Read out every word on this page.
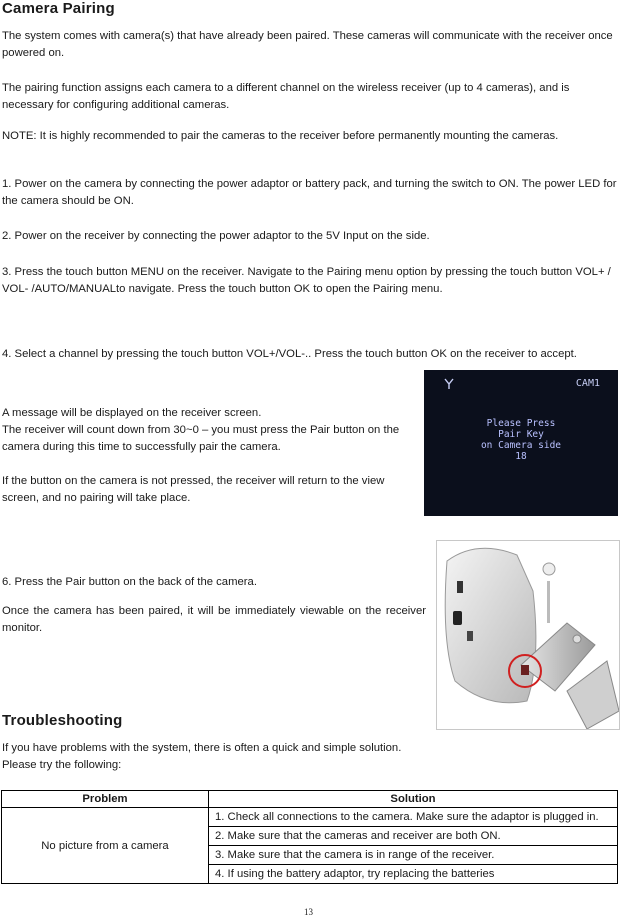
Camera Pairing

The system comes with camera(s) that have already been paired. These cameras will communicate with the receiver once powered on.

The pairing function assigns each camera to a different channel on the wireless receiver (up to 4 cameras), and is necessary for configuring additional cameras.

NOTE: It is highly recommended to pair the cameras to the receiver before permanently mounting the cameras.

1. Power on the camera by connecting the power adaptor or battery pack, and turning the switch to ON. The power LED for the camera should be ON.

2. Power on the receiver by connecting the power adaptor to the 5V Input on the side.

3. Press the touch button MENU on the receiver. Navigate to the Pairing menu option by pressing the touch button VOL+ / VOL- /AUTO/MANUALto navigate. Press the touch button OK to open the Pairing menu.

4. Select a channel by pressing the touch button VOL+/VOL-.. Press the touch button OK on the receiver to accept.

CAM1
Please Press
Pair Key
on Camera side
18

A message will be displayed on the receiver screen.

The receiver will count down from 30~0 – you must press the Pair button on the camera during this time to successfully pair the camera.

If the button on the camera is not pressed, the receiver will return to the view screen, and no pairing will take place.

6. Press the Pair button on the back of the camera.

Once the camera has been paired, it will be immediately viewable on the receiver monitor.

Troubleshooting

If you have problems with the system, there is often a quick and simple solution. Please try the following:

Problem	Solution
No picture from a camera	1. Check all connections to the camera. Make sure the adaptor is plugged in.
2. Make sure that the cameras and receiver are both ON.
3. Make sure that the camera is in range of the receiver.
4. If using the battery adaptor, try replacing the batteries
13
